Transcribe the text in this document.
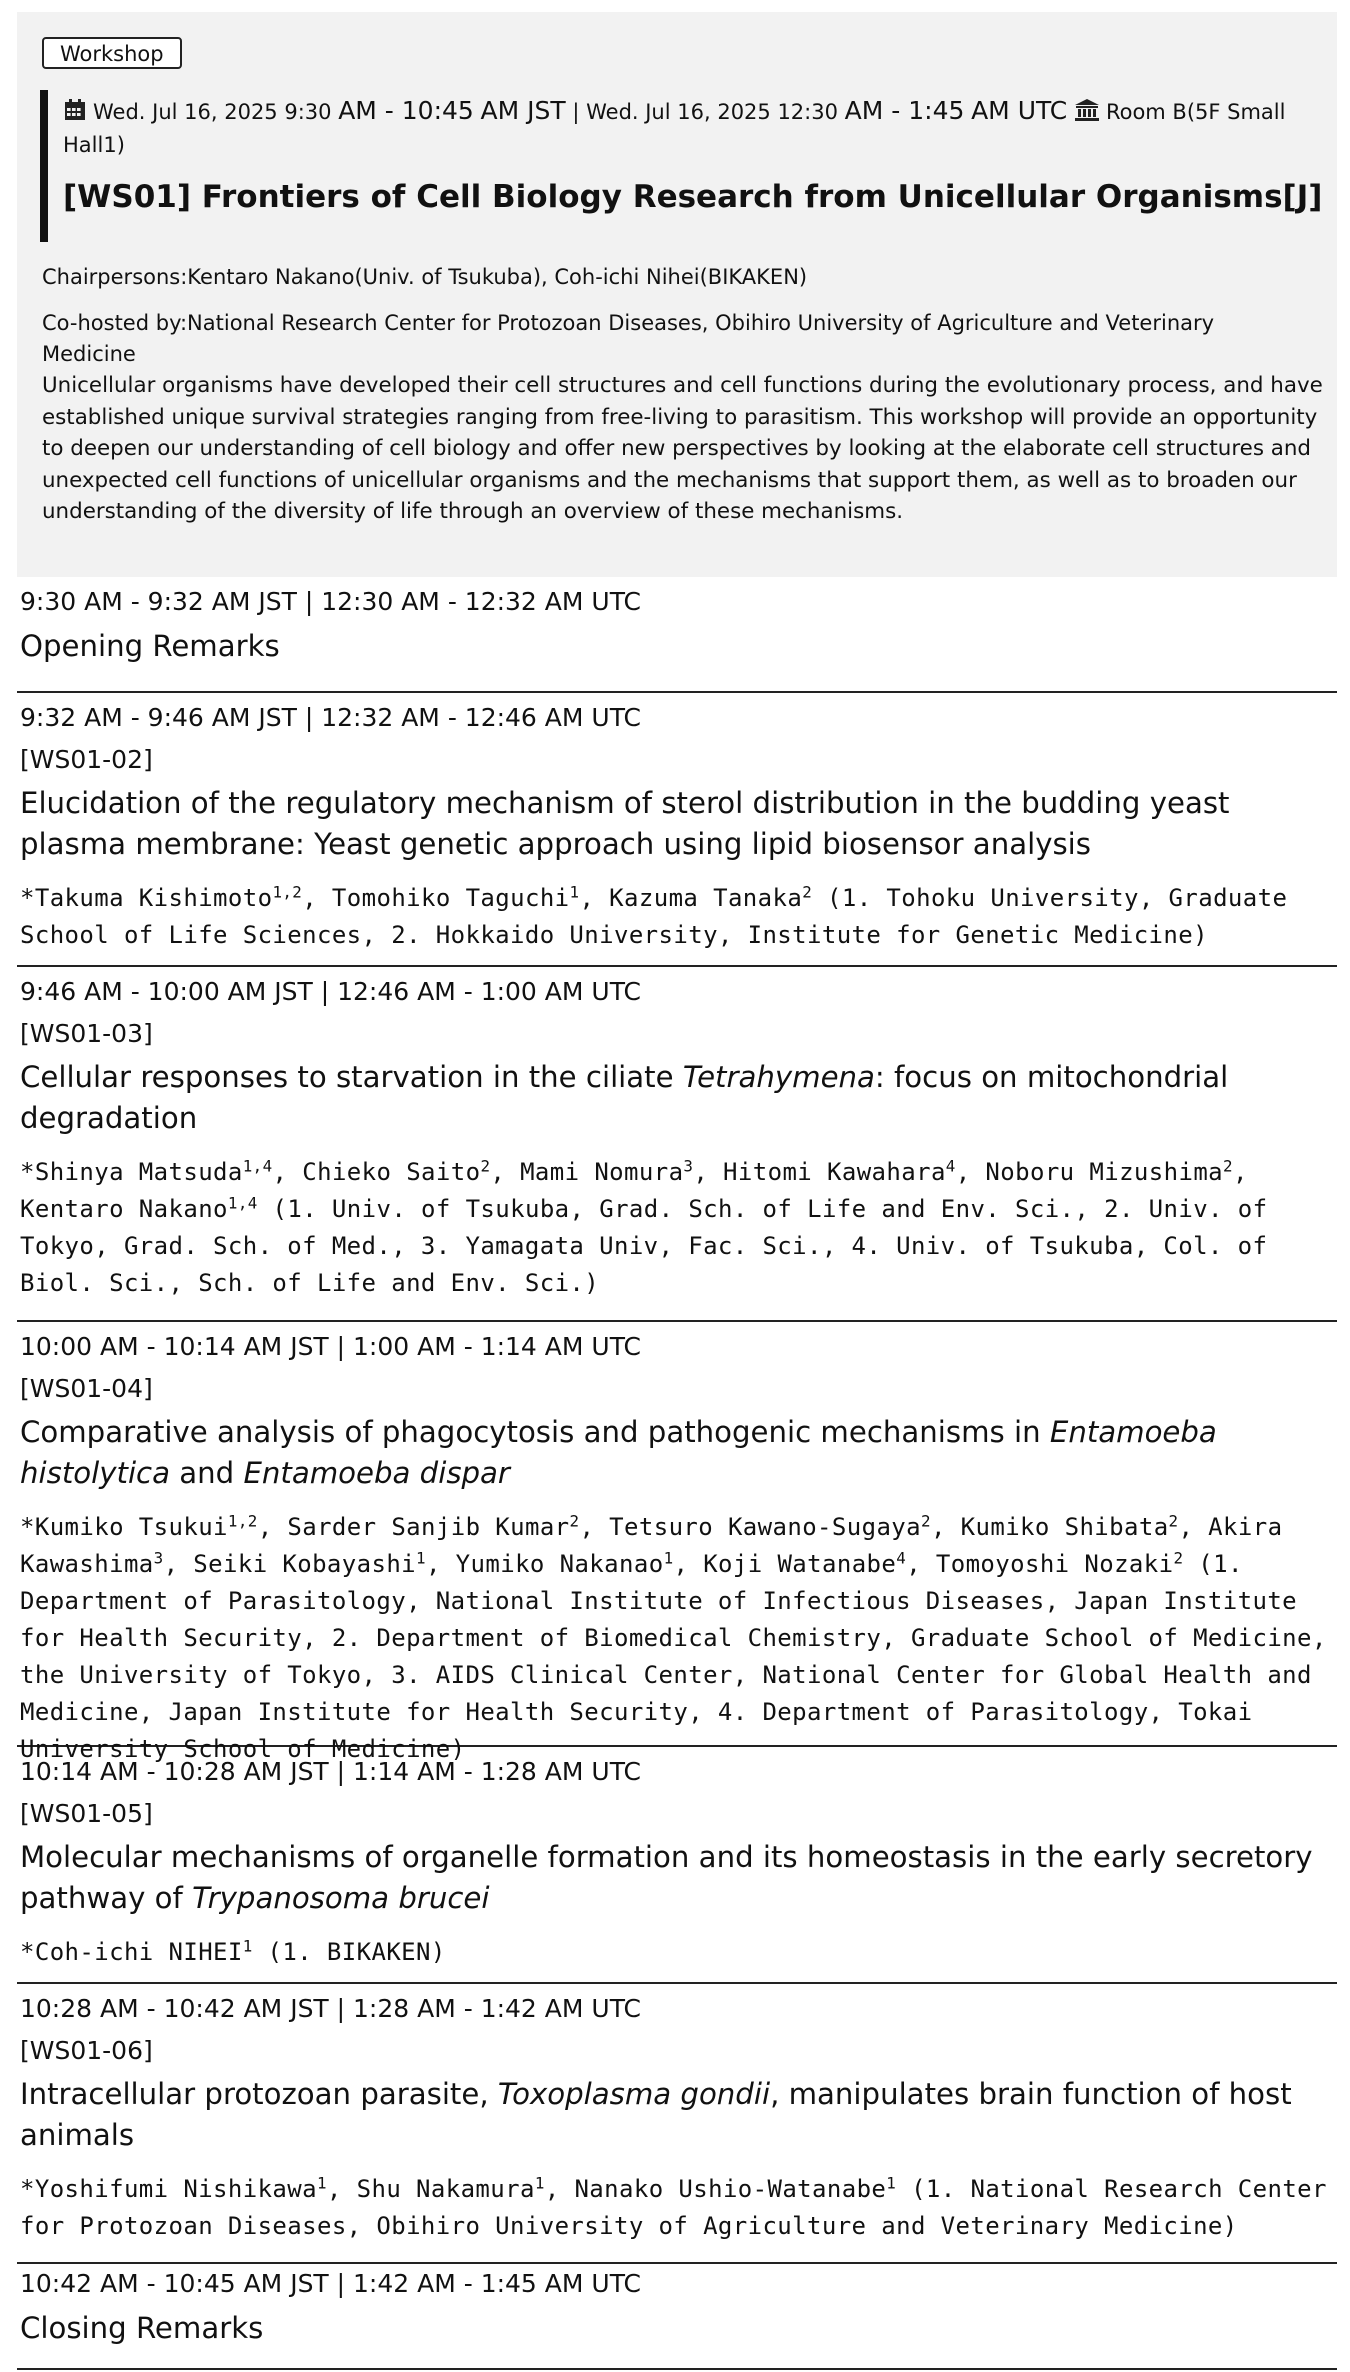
Workshop
Wed. Jul 16, 2025 9:30 AM - 10:45 AM JST | Wed. Jul 16, 2025 12:30 AM - 1:45 AM UTC Room B(5F Small Hall1)
[WS01] Frontiers of Cell Biology Research from Unicellular Organisms[J]
Chairpersons:Kentaro Nakano(Univ. of Tsukuba), Coh-ichi Nihei(BIKAKEN)
Co-hosted by:National Research Center for Protozoan Diseases, Obihiro University of Agriculture and Veterinary Medicine
Unicellular organisms have developed their cell structures and cell functions during the evolutionary process, and have established unique survival strategies ranging from free-living to parasitism. This workshop will provide an opportunity to deepen our understanding of cell biology and offer new perspectives by looking at the elaborate cell structures and unexpected cell functions of unicellular organisms and the mechanisms that support them, as well as to broaden our understanding of the diversity of life through an overview of these mechanisms.
9:30 AM - 9:32 AM JST | 12:30 AM - 12:32 AM UTC
Opening Remarks
9:32 AM - 9:46 AM JST | 12:32 AM - 12:46 AM UTC
[WS01-02]
Elucidation of the regulatory mechanism of sterol distribution in the budding yeast plasma membrane: Yeast genetic approach using lipid biosensor analysis
*Takuma Kishimoto$^{1,2}$, Tomohiko Taguchi$^1$, Kazuma Tanaka$^2$ (1. Tohoku University, Graduate School of Life Sciences, 2. Hokkaido University, Institute for Genetic Medicine)
9:46 AM - 10:00 AM JST | 12:46 AM - 1:00 AM UTC
[WS01-03]
Cellular responses to starvation in the ciliate Tetrahymena: focus on mitochondrial degradation
*Shinya Matsuda$^{1,4}$, Chieko Saito$^2$, Mami Nomura$^3$, Hitomi Kawahara$^4$, Noboru Mizushima$^2$, Kentaro Nakano$^{1,4}$ (1. Univ. of Tsukuba, Grad. Sch. of Life and Env. Sci., 2. Univ. of Tokyo, Grad. Sch. of Med., 3. Yamagata Univ, Fac. Sci., 4. Univ. of Tsukuba, Col. of Biol. Sci., Sch. of Life and Env. Sci.)
10:00 AM - 10:14 AM JST | 1:00 AM - 1:14 AM UTC
[WS01-04]
Comparative analysis of phagocytosis and pathogenic mechanisms in Entamoeba histolytica and Entamoeba dispar
*Kumiko Tsukui$^{1,2}$, Sarder Sanjib Kumar$^2$, Tetsuro Kawano-Sugaya$^2$, Kumiko Shibata$^2$, Akira Kawashima$^3$, Seiki Kobayashi$^1$, Yumiko Nakanao$^1$, Koji Watanabe$^4$, Tomoyoshi Nozaki$^2$ (1. Department of Parasitology, National Institute of Infectious Diseases, Japan Institute for Health Security, 2. Department of Biomedical Chemistry, Graduate School of Medicine, the University of Tokyo, 3. AIDS Clinical Center, National Center for Global Health and Medicine, Japan Institute for Health Security, 4. Department of Parasitology, Tokai University School of Medicine)
10:14 AM - 10:28 AM JST | 1:14 AM - 1:28 AM UTC
[WS01-05]
Molecular mechanisms of organelle formation and its homeostasis in the early secretory pathway of Trypanosoma brucei
*Coh-ichi NIHEI$^1$ (1. BIKAKEN)
10:28 AM - 10:42 AM JST | 1:28 AM - 1:42 AM UTC
[WS01-06]
Intracellular protozoan parasite, Toxoplasma gondii, manipulates brain function of host animals
*Yoshifumi Nishikawa$^1$, Shu Nakamura$^1$, Nanako Ushio-Watanabe$^1$ (1. National Research Center for Protozoan Diseases, Obihiro University of Agriculture and Veterinary Medicine)
10:42 AM - 10:45 AM JST | 1:42 AM - 1:45 AM UTC
Closing Remarks
